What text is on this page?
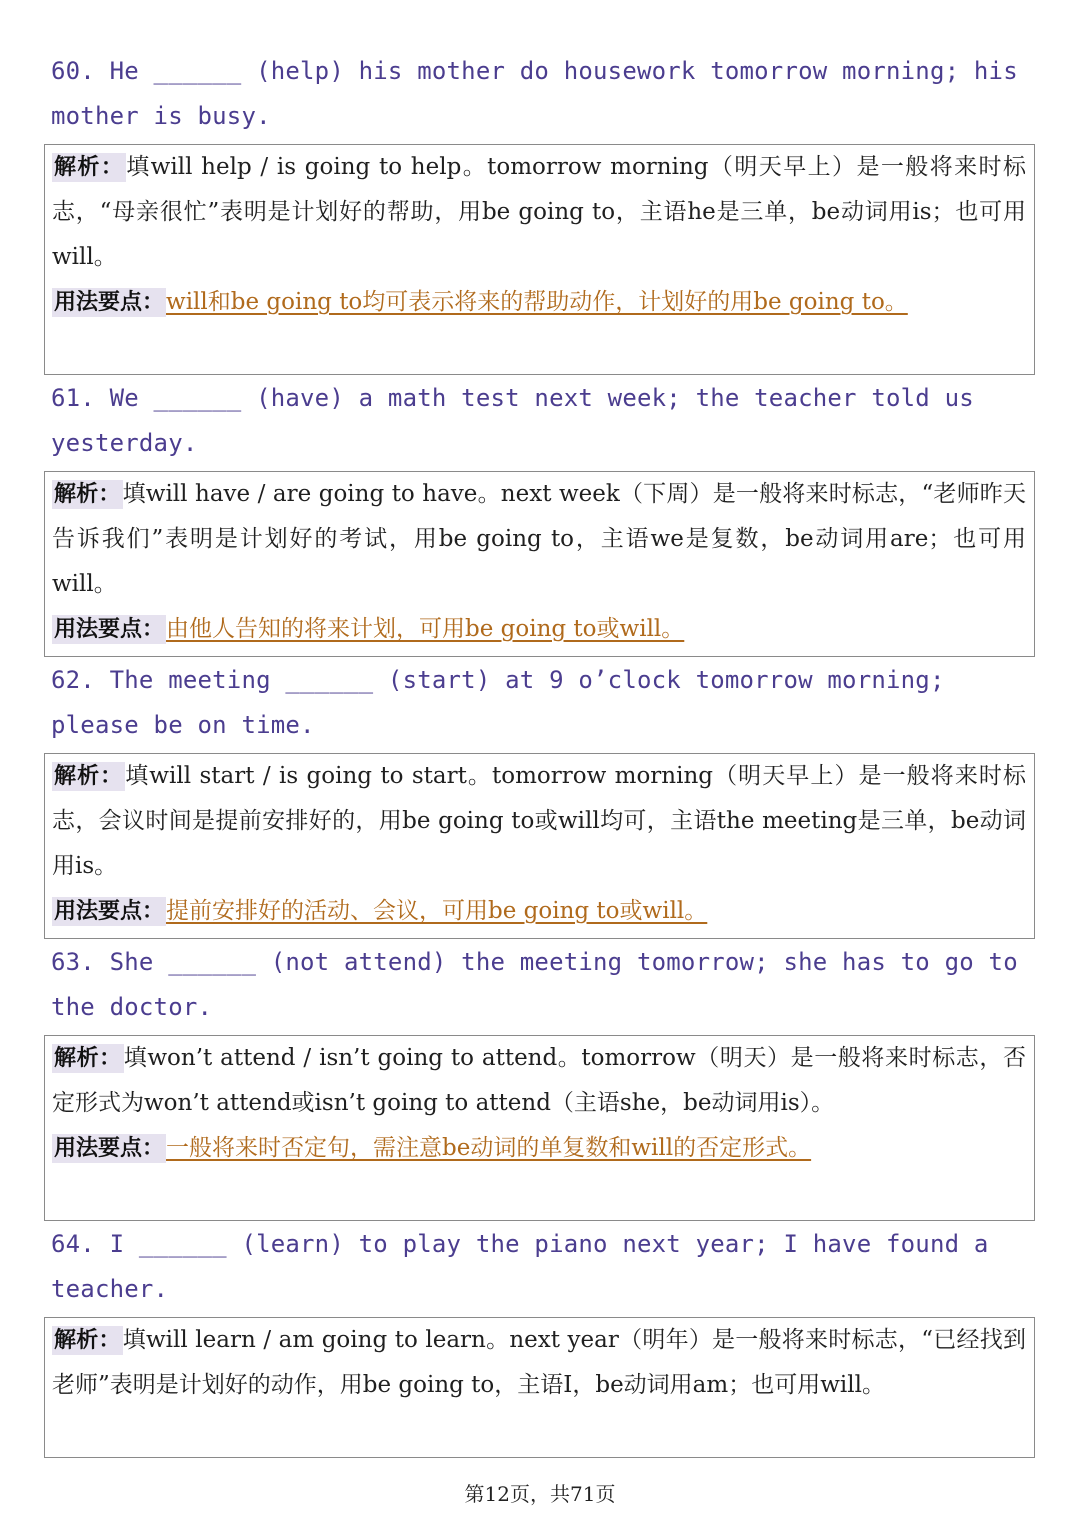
60. He ______ (help) his mother do housework tomorrow morning; his mother is busy.

解析：填will help / is going to help。tomorrow morning（明天早上）是一般将来时标志，“母亲很忙”表明是计划好的帮助，用be going to，主语he是三单，be动词用is；也可用will。

用法要点：will和be going to均可表示将来的帮助动作，计划好的用be going to。

61. We ______ (have) a math test next week; the teacher told us yesterday.

解析：填will have / are going to have。next week（下周）是一般将来时标志，“老师昨天告诉我们”表明是计划好的考试，用be going to，主语we是复数，be动词用are；也可用will。

用法要点：由他人告知的将来计划，可用be going to或will。

62. The meeting ______ (start) at 9 o’clock tomorrow morning; please be on time.

解析：填will start / is going to start。tomorrow morning（明天早上）是一般将来时标志，会议时间是提前安排好的，用be going to或will均可，主语the meeting是三单，be动词用is。

用法要点：提前安排好的活动、会议，可用be going to或will。

63. She ______ (not attend) the meeting tomorrow; she has to go to the doctor.

解析：填won’t attend / isn’t going to attend。tomorrow（明天）是一般将来时标志，否定形式为won’t attend或isn’t going to attend（主语she，be动词用is）。

用法要点：一般将来时否定句，需注意be动词的单复数和will的否定形式。

64. I ______ (learn) to play the piano next year; I have found a teacher.

解析：填will learn / am going to learn。next year（明年）是一般将来时标志，“已经找到老师”表明是计划好的动作，用be going to，主语I，be动词用am；也可用will。

第12页，共71页
